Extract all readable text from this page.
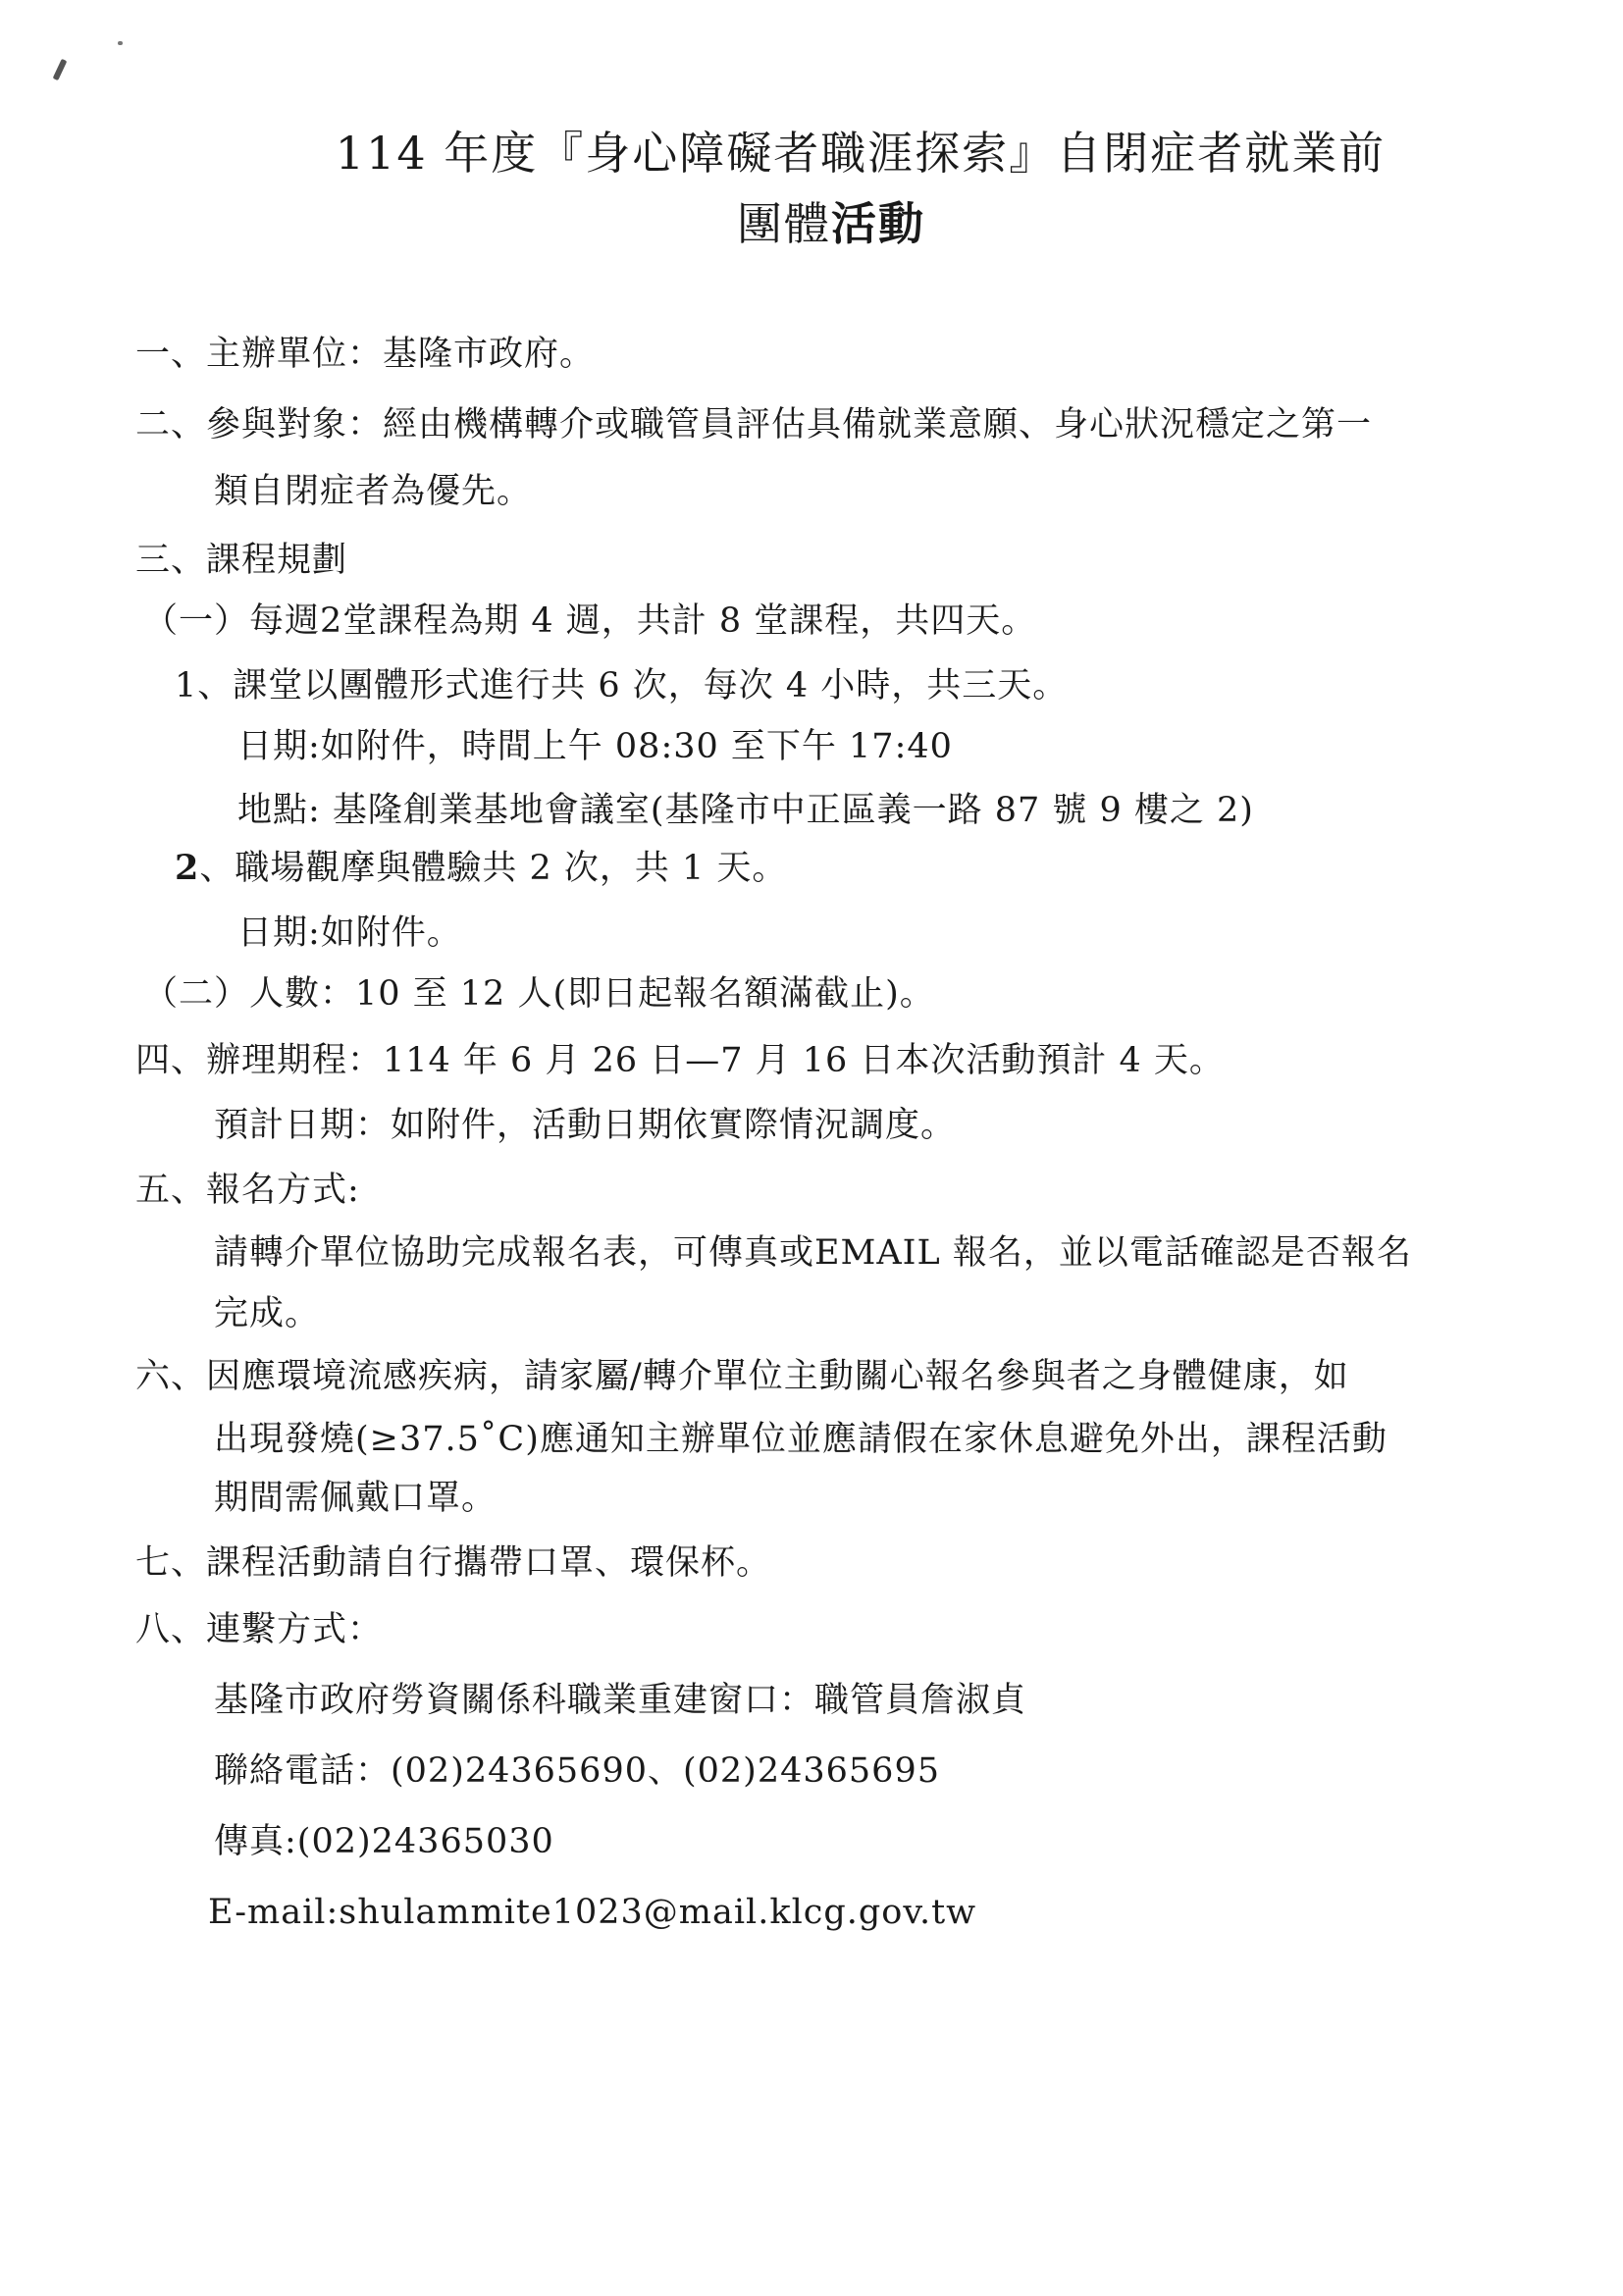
114 年度『身心障礙者職涯探索』自閉症者就業前
團體活動
一、主辦單位：基隆市政府。
二、參與對象：經由機構轉介或職管員評估具備就業意願、身心狀況穩定之第一
類自閉症者為優先。
三、課程規劃
（一）每週2堂課程為期 4 週，共計 8 堂課程，共四天。
1、課堂以團體形式進行共 6 次，每次 4 小時，共三天。
日期:如附件，時間上午 08:30 至下午 17:40
地點: 基隆創業基地會議室(基隆市中正區義一路 87 號 9 樓之 2)
2、職場觀摩與體驗共 2 次，共 1 天。
日期:如附件。
（二）人數：10 至 12 人(即日起報名額滿截止)。
四、辦理期程：114 年 6 月 26 日—7 月 16 日本次活動預計 4 天。
預計日期：如附件，活動日期依實際情況調度。
五、報名方式:
請轉介單位協助完成報名表，可傳真或EMAIL 報名，並以電話確認是否報名
完成。
六、因應環境流感疾病，請家屬/轉介單位主動關心報名參與者之身體健康，如
出現發燒(≥37.5˚C)應通知主辦單位並應請假在家休息避免外出，課程活動
期間需佩戴口罩。
七、課程活動請自行攜帶口罩、環保杯。
八、連繫方式：
基隆市政府勞資關係科職業重建窗口：職管員詹淑貞
聯絡電話：(02)24365690、(02)24365695
傳真:(02)24365030
E-mail:shulammite1023@mail.klcg.gov.tw
